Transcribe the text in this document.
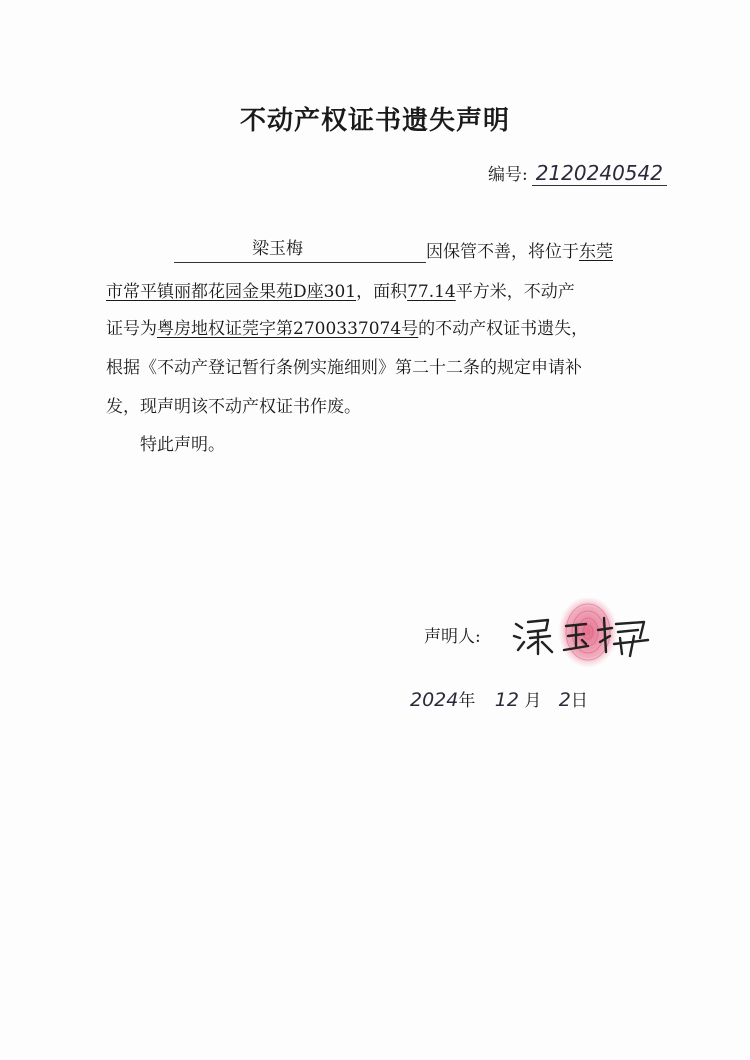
不动产权证书遗失声明
编号: 2120240542
梁玉梅	因保管不善，将位于东莞
市常平镇丽都花园金果苑D座301，面积77.14平方米，不动产
证号为粤房地权证莞字第2700337074号的不动产权证书遗失，
根据《不动产登记暂行条例实施细则》第二十二条的规定申请补
发，现声明该不动产权证书作废。
特此声明。
声明人:
2024年 12 月 2日
